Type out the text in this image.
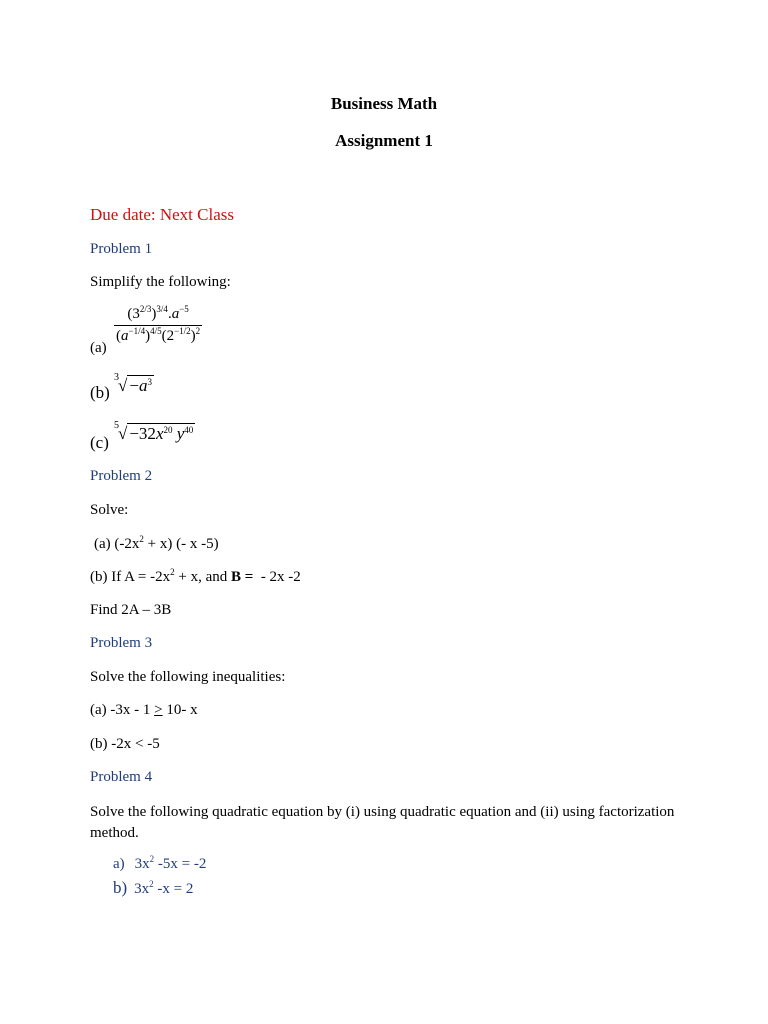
Business Math
Assignment 1
Due date: Next Class
Problem 1
Simplify the following:
(a)
$\frac{(3^{2/3})^{3/4}.a^{-5}}{(a^{-1/4})^{4/5}(2^{-1/2})^2}$
(b)
3 √ $-a^3$
(c)
5 √ $-32x^{20}$ $y^{40}$
Problem 2
Solve:
(a) $(-2x^2 + x)$ (- x -5)
(b) If $A = -2x^2 + x$, and B =  - 2x -2
Find 2A – 3B
Problem 3
Solve the following inequalities:
(a) -3x - 1 > 10- x
(b) -2x < -5
Problem 4
Solve the following quadratic equation by (i) using quadratic equation and (ii) using factorization method.
a) $3x^2$ -5x = -2
b) $3x^2$ -x = 2
